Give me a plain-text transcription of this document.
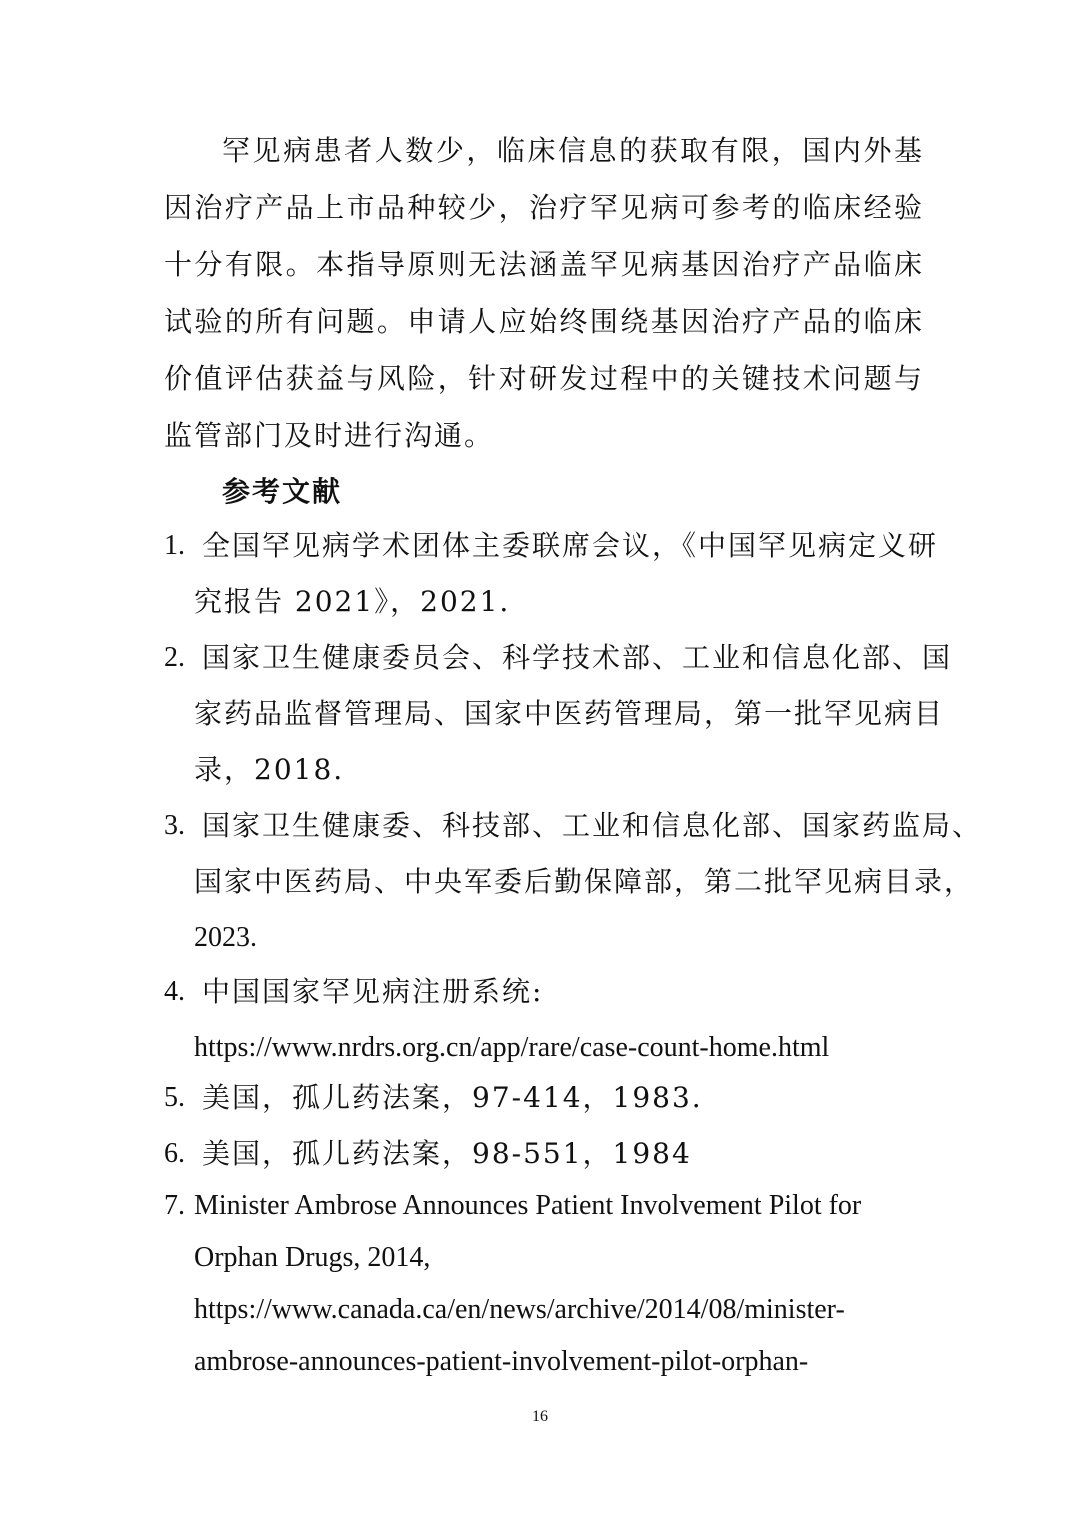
罕见病患者人数少，临床信息的获取有限，国内外基因治疗产品上市品种较少，治疗罕见病可参考的临床经验十分有限。本指导原则无法涵盖罕见病基因治疗产品临床试验的所有问题。申请人应始终围绕基因治疗产品的临床价值评估获益与风险，针对研发过程中的关键技术问题与监管部门及时进行沟通。

参考文献
1. 全国罕见病学术团体主委联席会议，《中国罕见病定义研
究报告 2021》，2021.
2. 国家卫生健康委员会、科学技术部、工业和信息化部、国
家药品监督管理局、国家中医药管理局，第一批罕见病目
录，2018.
3. 国家卫生健康委、科技部、工业和信息化部、国家药监局、
国家中医药局、中央军委后勤保障部，第二批罕见病目录，
2023.
4. 中国国家罕见病注册系统:
https://www.nrdrs.org.cn/app/rare/case-count-home.html
5. 美国，孤儿药法案，97-414，1983.
6. 美国，孤儿药法案，98-551，1984
7. Minister Ambrose Announces Patient Involvement Pilot for
Orphan Drugs, 2014,
https://www.canada.ca/en/news/archive/2014/08/minister-
ambrose-announces-patient-involvement-pilot-orphan-
16
